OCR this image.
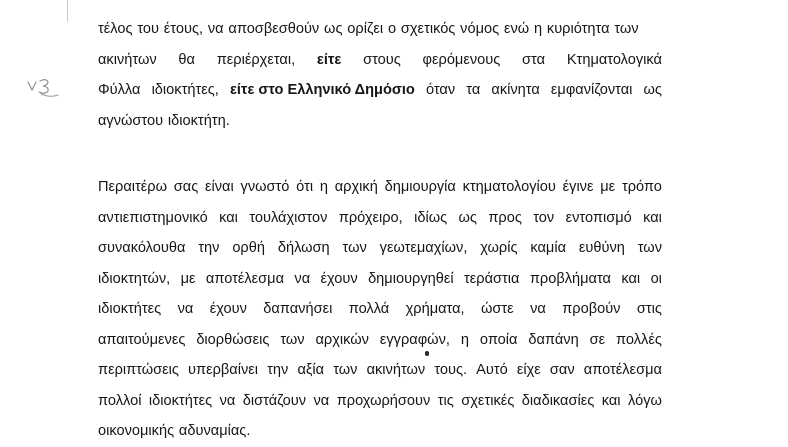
τέλος του έτους, να αποσβεσθούν ως ορίζει ο σχετικός νόμος ενώ η κυριότητα των
ακινήτων θα περιέρχεται, είτε στους φερόμενους στα Κτηματολογικά
Φύλλα ιδιοκτήτες, είτε στο Ελληνικό Δημόσιο όταν τα ακίνητα εμφανίζονται ως
αγνώστου ιδιοκτήτη.
Περαιτέρω σας είναι γνωστό ότι η αρχική δημιουργία κτηματολογίου έγινε με τρόπο
αντιεπιστημονικό και τουλάχιστον πρόχειρο, ιδίως ως προς τον εντοπισμό και
συνακόλουθα την ορθή δήλωση των γεωτεμαχίων, χωρίς καμία ευθύνη των
ιδιοκτητών, με αποτέλεσμα να έχουν δημιουργηθεί τεράστια προβλήματα και οι
ιδιοκτήτες να έχουν δαπανήσει πολλά χρήματα, ώστε να προβούν στις
απαιτούμενες διορθώσεις των αρχικών εγγραφών, η οποία δαπάνη σε πολλές
περιπτώσεις υπερβαίνει την αξία των ακινήτων τους. Αυτό είχε σαν αποτέλεσμα
πολλοί ιδιοκτήτες να διστάζουν να προχωρήσουν τις σχετικές διαδικασίες και λόγω
οικονομικής αδυναμίας.
